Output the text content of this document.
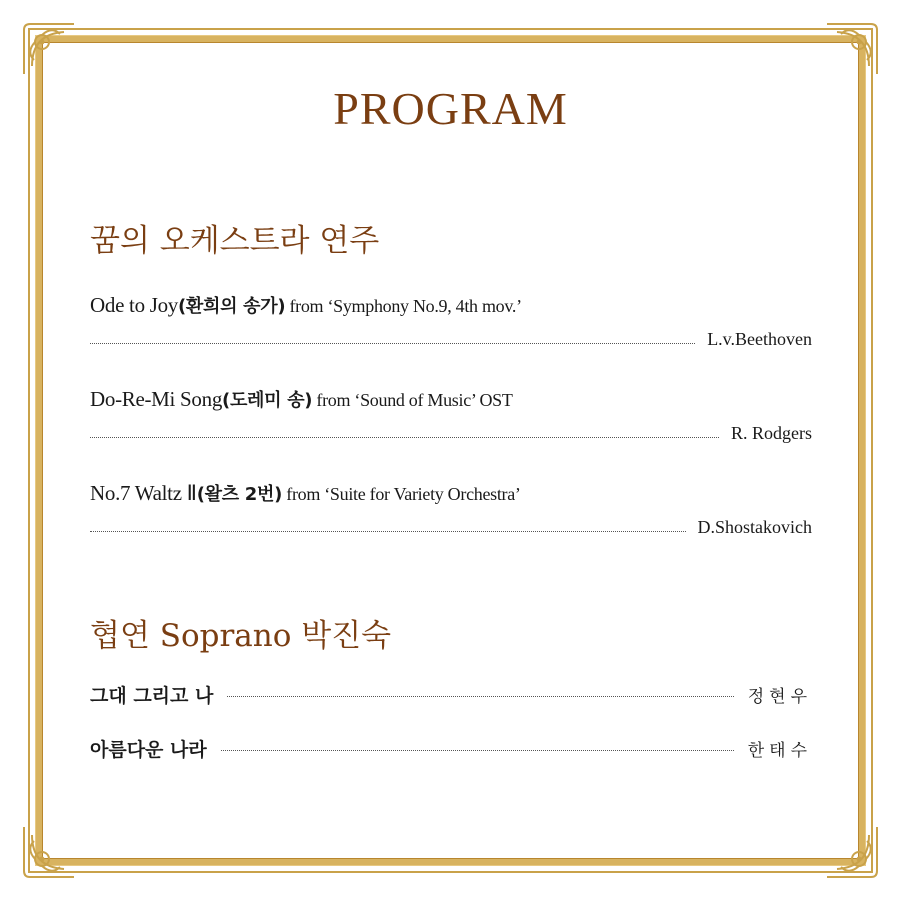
PROGRAM
꿈의 오케스트라 연주
Ode to Joy(환희의 송가) from ‘Symphony No.9, 4th mov.’
L.v.Beethoven
Do-Re-Mi Song(도레미 송) from ‘Sound of Music’ OST
R. Rodgers
No.7 Waltz Ⅱ(왈츠 2번) from ‘Suite for Variety Orchestra’
D.Shostakovich
협연 Soprano 박진숙
그대 그리고 나	정현우
아름다운 나라	한태수
